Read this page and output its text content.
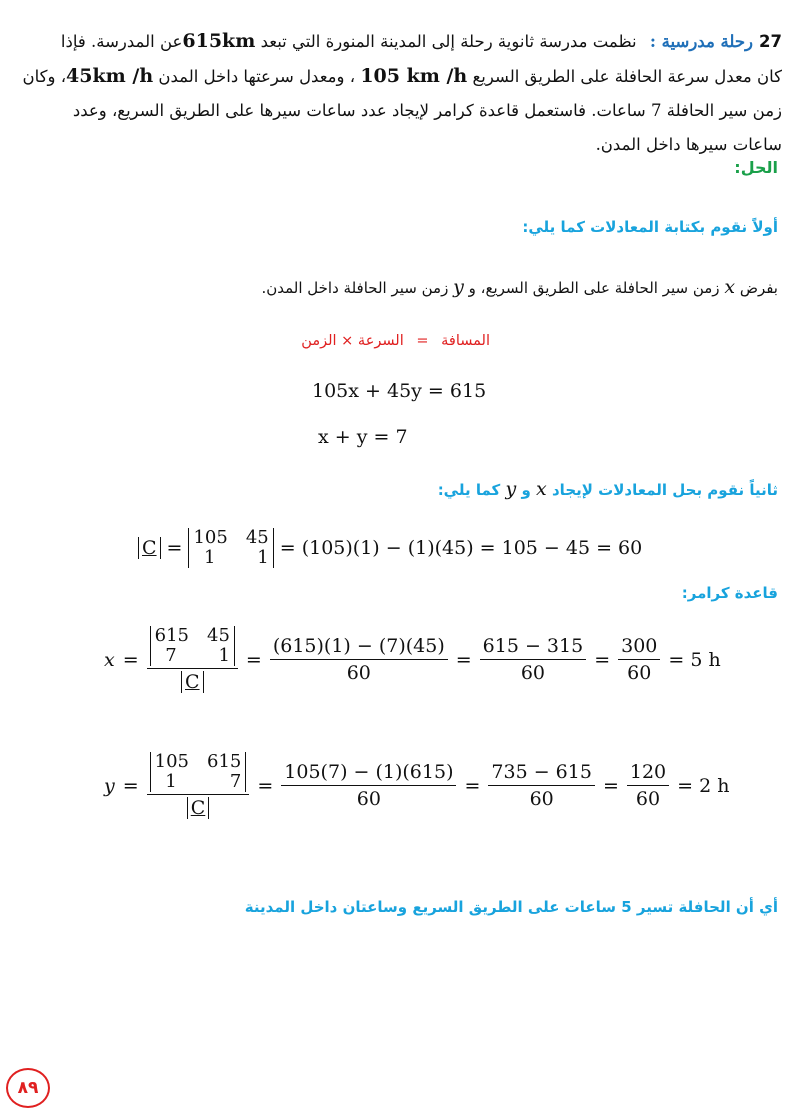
27رحلة مدرسية : نظمت مدرسة ثانوية رحلة إلى المدينة المنورة التي تبعد 615kmعن المدرسة. فإذا
كان معدل سرعة الحافلة على الطريق السريع 105 km /h ، ومعدل سرعتها داخل المدن 45km /h، وكان
زمن سير الحافلة 7 ساعات. فاستعمل قاعدة كرامر لإيجاد عدد ساعات سيرها على الطريق السريع، وعدد
ساعات سيرها داخل المدن.
الحل:
أولاً نقوم بكتابة المعادلات كما يلي:
بفرض x زمن سير الحافلة على الطريق السريع، و y زمن سير الحافلة داخل المدن.
المسافة = السرعة × الزمن
105x + 45y = 615
x + y = 7
ثانياً نقوم بحل المعادلات لإيجاد x و y كما يلي:
C = 105 45
1	1 = (105)(1) − (1)(45) = 105 − 45 = 60
قاعدة كرامر:
x = 615 45
7	1
$C = \frac{(615)(1) - (7)(45)}{60} = \frac{615 - 315}{60} = \frac{300}{60} = 5$ h
y = 105 615
1	7
$C = \frac{105(7) - (1)(615)}{60} = \frac{735 - 615}{60} = \frac{120}{60} = 2$ h
أي أن الحافلة تسير 5 ساعات على الطريق السريع وساعتان داخل المدينة
٨٩
